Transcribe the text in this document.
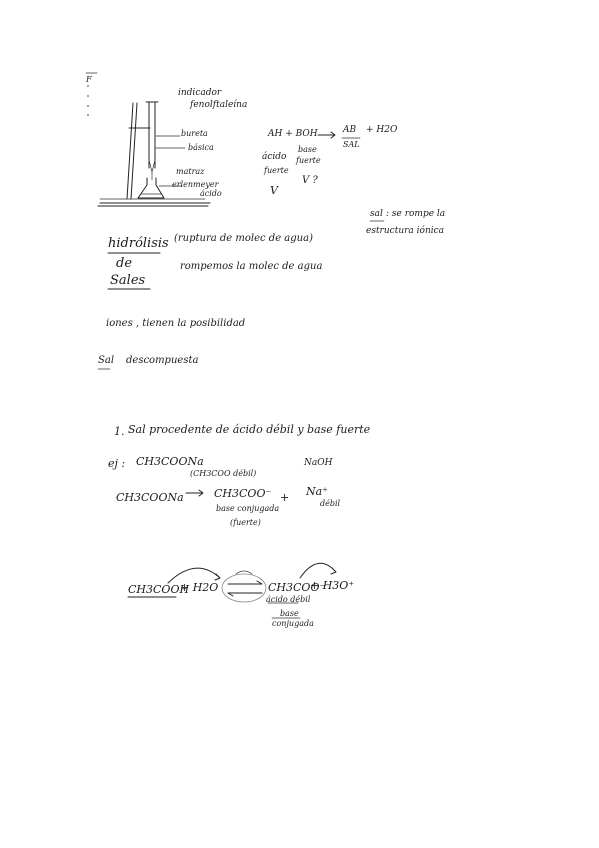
F
indicador
fenolftaleína
bureta
básica
matraz
erlenmeyer
ácido
AH + BOH	AB + H2O
SAL
ácido
base
fuerte
fuerte
V ?
V
sal : se rompe la
estructura iónica
hidrólisis
de
Sales
(ruptura de molec de agua)
rompemos la molec de agua
iones , tienen la posibilidad
Sal descompuesta
1. Sal procedente de ácido débil y base fuerte
ej : CH3COONa
(CH3COO débil)
NaOH
CH3COONa	CH3COO⁻ + Na⁺
débil
base conjugada
(fuerte)
CH3COOH
+ H2O	CH3COO⁻
+ H3O⁺
ácido débil
base
conjugada
